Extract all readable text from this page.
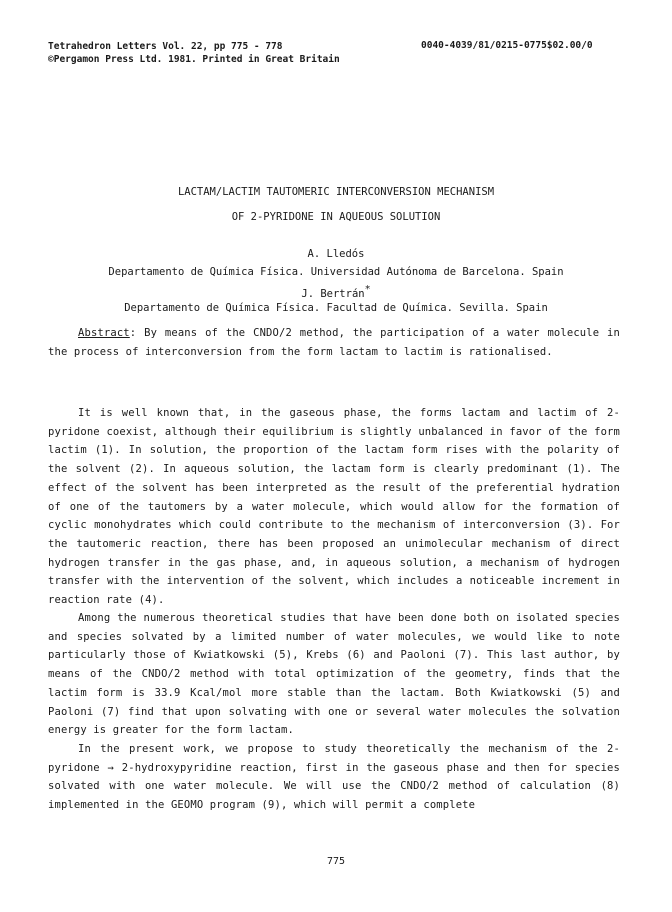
Tetrahedron Letters Vol. 22, pp 775 - 778
©Pergamon Press Ltd. 1981. Printed in Great Britain
0040-4039/81/0215-0775$02.00/0
LACTAM/LACTIM TAUTOMERIC INTERCONVERSION MECHANISM
OF 2-PYRIDONE IN AQUEOUS SOLUTION
A. Lledós
Departamento de Química Física. Universidad Autónoma de Barcelona. Spain
J. Bertrán*
Departamento de Química Física. Facultad de Química. Sevilla. Spain
Abstract: By means of the CNDO/2 method, the participation of a water molecule in the process of interconversion from the form lactam to lactim is rationalised.
It is well known that, in the gaseous phase, the forms lactam and lactim of 2-pyridone coexist, although their equilibrium is slightly unbalanced in favor of the form lactim (1). In solution, the proportion of the lactam form rises with the polarity of the solvent (2). In aqueous solution, the lactam form is clearly predominant (1). The effect of the solvent has been interpreted as the result of the preferential hydration of one of the tautomers by a water molecule, which would allow for the formation of cyclic monohydrates which could contribute to the mechanism of interconversion (3). For the tautomeric reaction, there has been proposed an unimolecular mechanism of direct hydrogen transfer in the gas phase, and, in aqueous solution, a mechanism of hydrogen transfer with the intervention of the solvent, which includes a noticeable increment in reaction rate (4).
Among the numerous theoretical studies that have been done both on isolated species and species solvated by a limited number of water molecules, we would like to note particularly those of Kwiatkowski (5), Krebs (6) and Paoloni (7). This last author, by means of the CNDO/2 method with total optimization of the geometry, finds that the lactim form is 33.9 Kcal/mol more stable than the lactam. Both Kwiatkowski (5) and Paoloni (7) find that upon solvating with one or several water molecules the solvation energy is greater for the form lactam.
In the present work, we propose to study theoretically the mechanism of the 2-pyridone → 2-hydroxypyridine reaction, first in the gaseous phase and then for species solvated with one water molecule. We will use the CNDO/2 method of calculation (8) implemented in the GEOMO program (9), which will permit a complete
775
